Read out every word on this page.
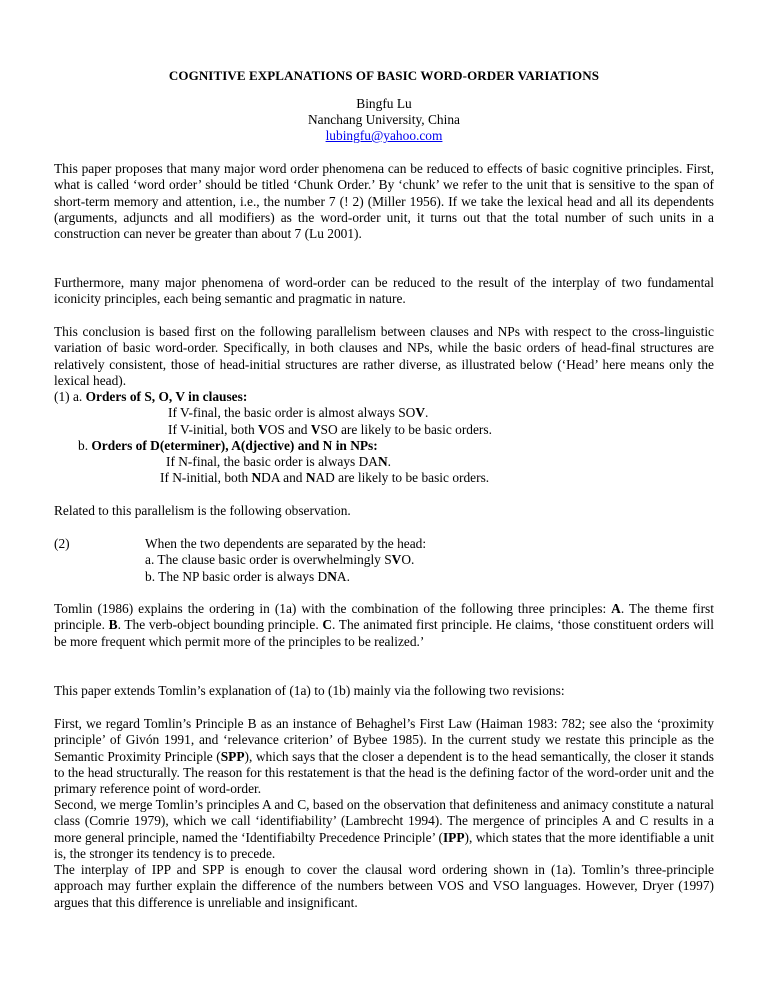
COGNITIVE EXPLANATIONS OF BASIC WORD-ORDER VARIATIONS
Bingfu Lu
Nanchang University, China
lubingfu@yahoo.com

This paper proposes that many major word order phenomena can be reduced to effects of basic cognitive principles. First, what is called ‘word order’ should be titled ‘Chunk Order.’ By ‘chunk’ we refer to the unit that is sensitive to the span of short-term memory and attention, i.e., the number 7 (! 2) (Miller 1956). If we take the lexical head and all its dependents (arguments, adjuncts and all modifiers) as the word-order unit, it turns out that the total number of such units in a construction can never be greater than about 7 (Lu 2001).

Furthermore, many major phenomena of word-order can be reduced to the result of the interplay of two fundamental iconicity principles, each being semantic and pragmatic in nature.

This conclusion is based first on the following parallelism between clauses and NPs with respect to the cross-linguistic variation of basic word-order. Specifically, in both clauses and NPs, while the basic orders of head-final structures are relatively consistent, those of head-initial structures are rather diverse, as illustrated below (‘Head’ here means only the lexical head).

(1) a. Orders of S, O, V in clauses:
If V-final, the basic order is almost always SOV.
If V-initial, both VOS and VSO are likely to be basic orders.
b. Orders of D(eterminer), A(djective) and N in NPs:
If N-final, the basic order is always DAN.
If N-initial, both NDA and NAD are likely to be basic orders.

Related to this parallelism is the following observation.

(2)	When the two dependents are separated by the head:
a. The clause basic order is overwhelmingly SVO.
b. The NP basic order is always DNA.

Tomlin (1986) explains the ordering in (1a) with the combination of the following three principles: A. The theme first principle. B. The verb-object bounding principle. C. The animated first principle. He claims, ‘those constituent orders will be more frequent which permit more of the principles to be realized.’

This paper extends Tomlin’s explanation of (1a) to (1b) mainly via the following two revisions:

First, we regard Tomlin’s Principle B as an instance of Behaghel’s First Law (Haiman 1983: 782; see also the ‘proximity principle’ of Givón 1991, and ‘relevance criterion’ of Bybee 1985). In the current study we restate this principle as the Semantic Proximity Principle (SPP), which says that the closer a dependent is to the head semantically, the closer it stands to the head structurally. The reason for this restatement is that the head is the defining factor of the word-order unit and the primary reference point of word-order.

Second, we merge Tomlin’s principles A and C, based on the observation that definiteness and animacy constitute a natural class (Comrie 1979), which we call ‘identifiability’ (Lambrecht 1994). The mergence of principles A and C results in a more general principle, named the ‘Identifiabilty Precedence Principle’ (IPP), which states that the more identifiable a unit is, the stronger its tendency is to precede.

The interplay of IPP and SPP is enough to cover the clausal word ordering shown in (1a). Tomlin’s three-principle approach may further explain the difference of the numbers between VOS and VSO languages. However, Dryer (1997) argues that this difference is unreliable and insignificant.
